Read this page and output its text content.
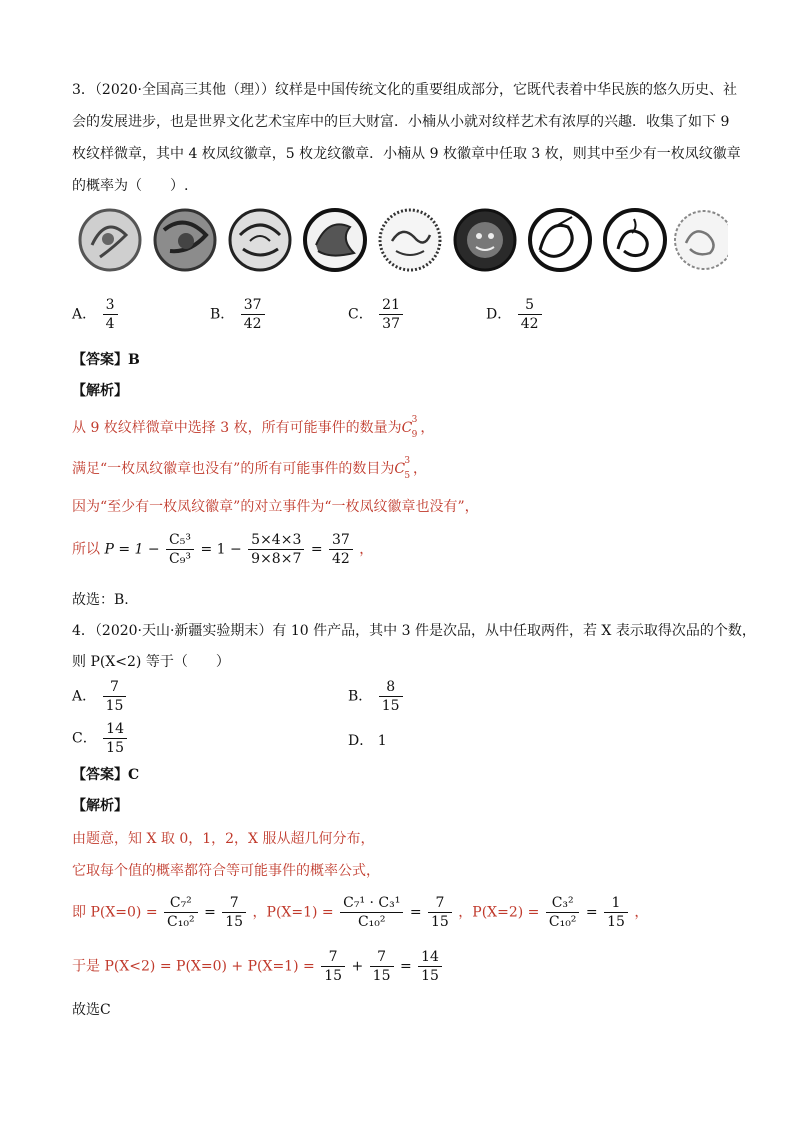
3．（2020·全国高三其他（理））纹样是中国传统文化的重要组成部分，它既代表着中华民族的悠久历史、社
会的发展进步，也是世界文化艺术宝库中的巨大财富．小楠从小就对纹样艺术有浓厚的兴趣．收集了如下 9
枚纹样微章，其中 4 枚凤纹徽章，5 枚龙纹徽章．小楠从 9 枚徽章中任取 3 枚，则其中至少有一枚凤纹徽章
的概率为（　　）.
A． $\frac{3}{4}$	B． $\frac{37}{42}$	C． $\frac{21}{37}$	D． $\frac{5}{42}$
【答案】B
【解析】
从 9 枚纹样微章中选择 3 枚，所有可能事件的数量为C 3
9 ，
满足“一枚凤纹徽章也没有”的所有可能事件的数目为C 3
5 ，
因为“至少有一枚凤纹徽章”的对立事件为“一枚凤纹徽章也没有”，
所以 $P = 1 - \frac{\text{C₅³}}{\text{C₉³}} = 1 - \frac{5\times 4\times 3}{9\times 8\times 7} = \frac{37}{42}$ ，
故选：B.
4．（2020·天山·新疆实验期末）有 10 件产品，其中 3 件是次品，从中任取两件，若 X 表示取得次品的个数，
则 P(X<2) 等于（　　）
A． $\frac{7}{15}$	B． $\frac{8}{15}$
C． $\frac{14}{15}$	D． 1
【答案】C
【解析】
由题意，知 X 取 0，1，2，X 服从超几何分布，
它取每个值的概率都符合等可能事件的概率公式，
即 $P(X=0) = \frac{\text{C₇²}}{\text{C₁₀²}} = \frac{7}{15}$ ，$P(X=1) = \frac{\text{C₇¹ · C₃¹}}{\text{C₁₀²}} = \frac{7}{15}$ ，$P(X=2) = \frac{\text{C₃²}}{\text{C₁₀²}} = \frac{1}{15}$ ，
于是 $P(X<2) = P(X=0) + P(X=1) = \frac{7}{15} + \frac{7}{15} = \frac{14}{15}$
故选C
